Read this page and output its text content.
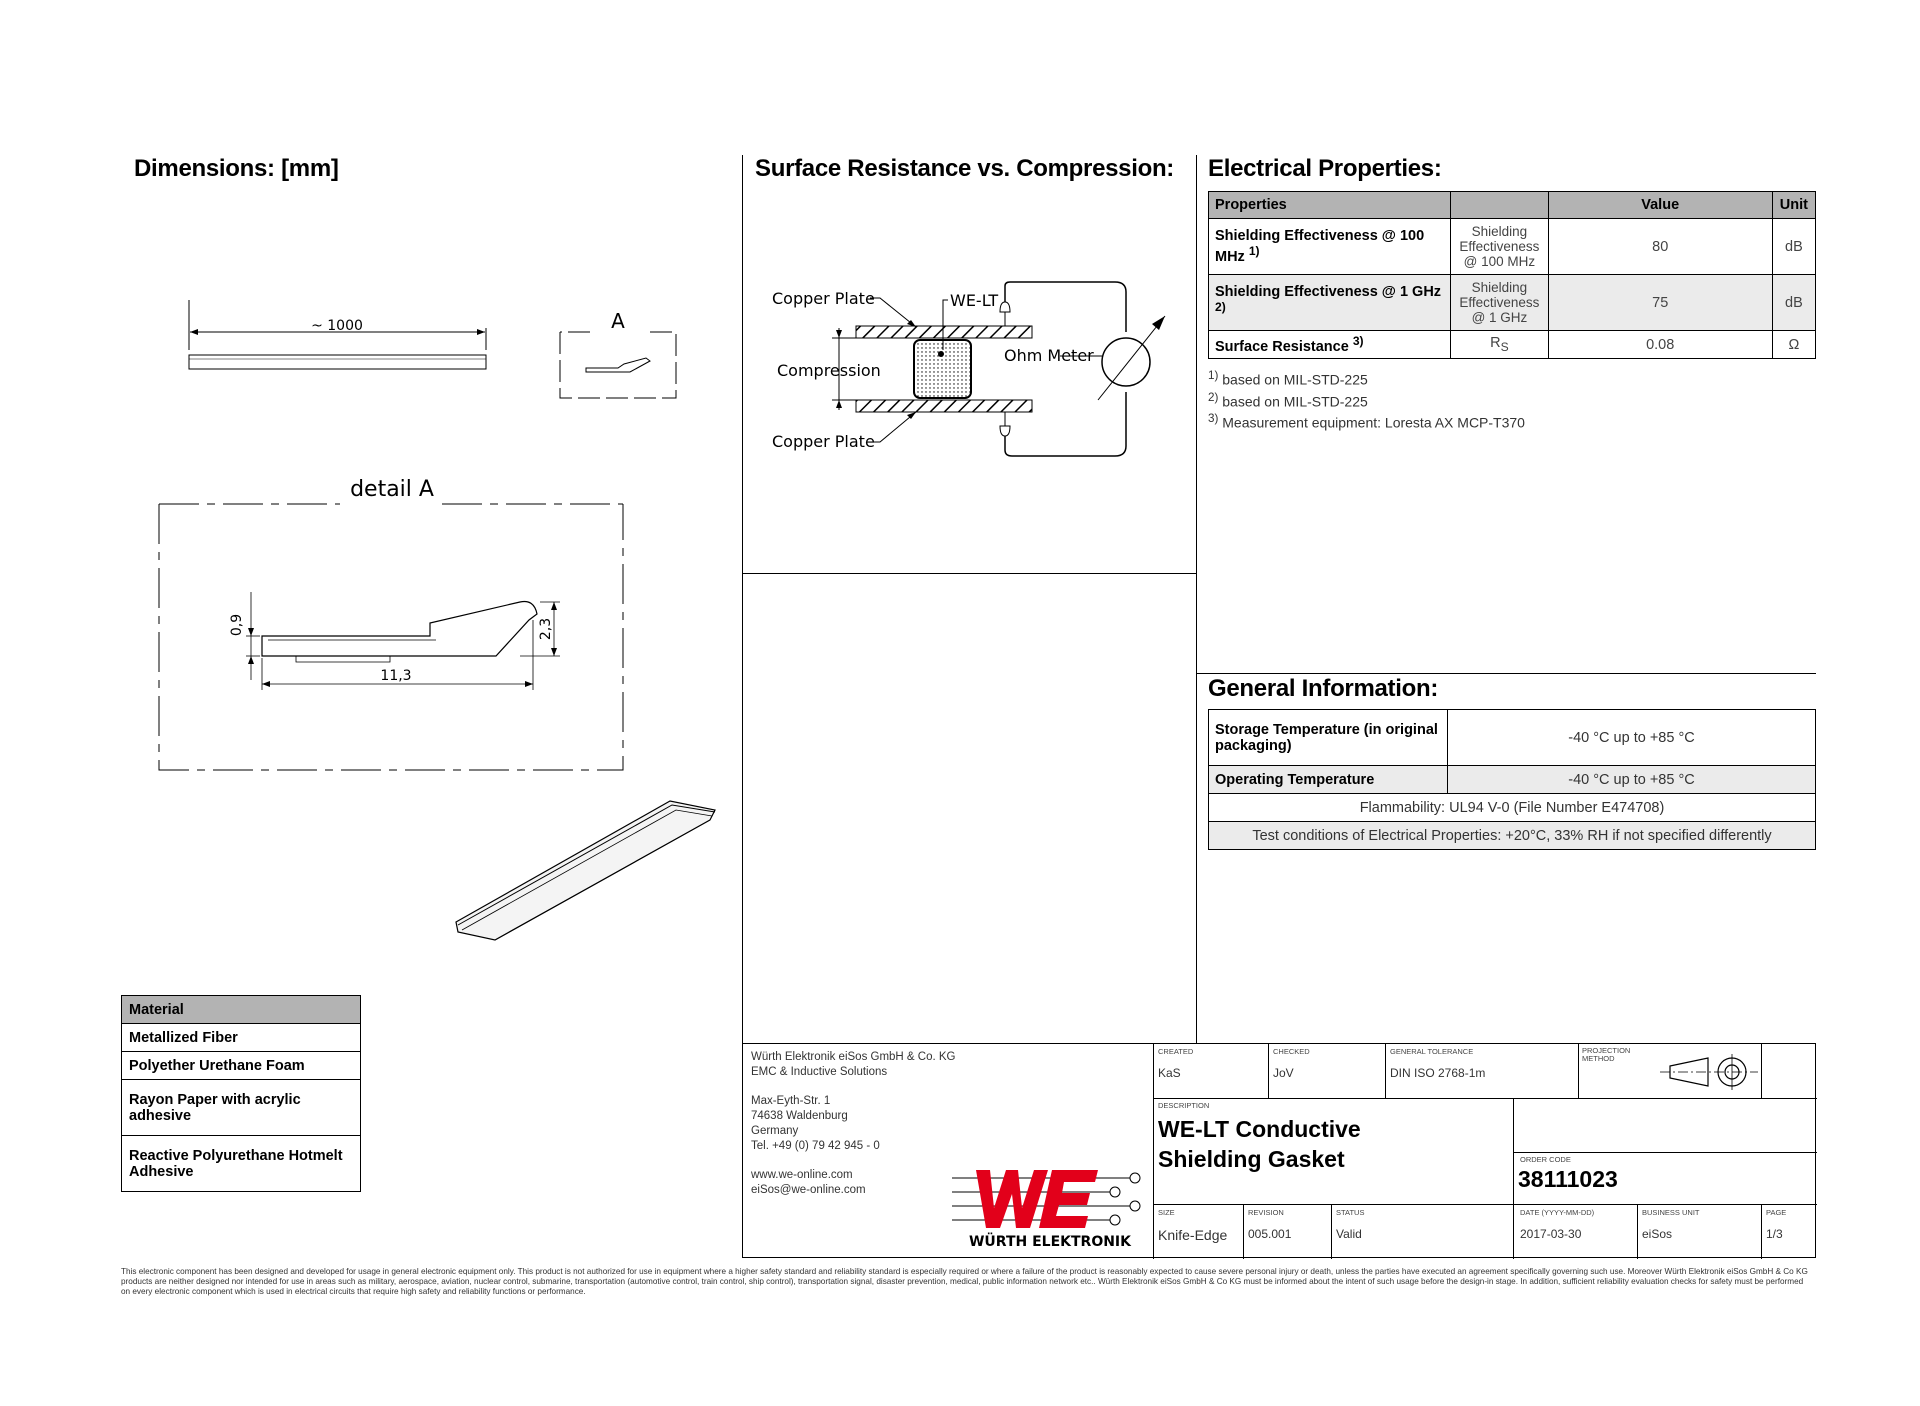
Dimensions: [mm]	Surface Resistance vs. Compression: Electrical Properties:
General Information:
~ 1000	A
detail A
0,9	2,3
11,3
Copper Plate	WE-LT
Compression
Ohm Meter
Copper Plate
Properties		Value	Unit
Shielding Effectiveness @ 100 MHz $^{1)}$	Shielding Effectiveness @ 100 MHz	80	dB
Shielding Effectiveness @ 1 GHz $^{2)}$	Shielding Effectiveness @ 1 GHz	75	dB
Surface Resistance $^{3)}$	$R_S$	0.08	Ω
$^{1)}$ based on MIL-STD-225
$^{2)}$ based on MIL-STD-225
$^{3)}$ Measurement equipment: Loresta AX MCP-T370
Storage Temperature (in original packaging)	-40 °C up to +85 °C
Operating Temperature	-40 °C up to +85 °C
Flammability: UL94 V-0 (File Number E474708)	
Test conditions of Electrical Properties: +20°C, 33% RH if not specified differently	
Material
Metallized Fiber
Polyether Urethane Foam
Rayon Paper with acrylic adhesive
Reactive Polyurethane Hotmelt Adhesive
Würth Elektronik eiSos GmbH & Co. KG
EMC & Inductive Solutions
Max-Eyth-Str. 1
74638 Waldenburg
Germany
Tel. +49 (0) 79 42 945 - 0
www.we-online.com
eiSos@we-online.com
WÜRTH ELEKTRONIK
CREATED
KaS
CHECKED
JoV
GENERAL TOLERANCE
DIN ISO 2768-1m
PROJECTION METHOD
DESCRIPTION
WE-LT Conductive Shielding Gasket	ORDER CODE
38111023
SIZE
Knife-Edge
REVISION
005.001
STATUS
Valid
DATE (YYYY-MM-DD)
2017-03-30
BUSINESS UNIT
eiSos
PAGE
1/3
This electronic component has been designed and developed for usage in general electronic equipment only. This product is not authorized for use in equipment where a higher safety standard and reliability standard is especially required or where a failure of the product is reasonably expected to cause severe personal injury or death, unless the parties have executed an agreement specifically governing such use. Moreover Würth Elektronik eiSos GmbH & Co KG products are neither designed nor intended for use in areas such as military, aerospace, aviation, nuclear control, submarine, transportation (automotive control, train control, ship control), transportation signal, disaster prevention, medical, public information network etc.. Würth Elektronik eiSos GmbH & Co KG must be informed about the intent of such usage before the design-in stage. In addition, sufficient reliability evaluation checks for safety must be performed on every electronic component which is used in electrical circuits that require high safety and reliability functions or performance.
